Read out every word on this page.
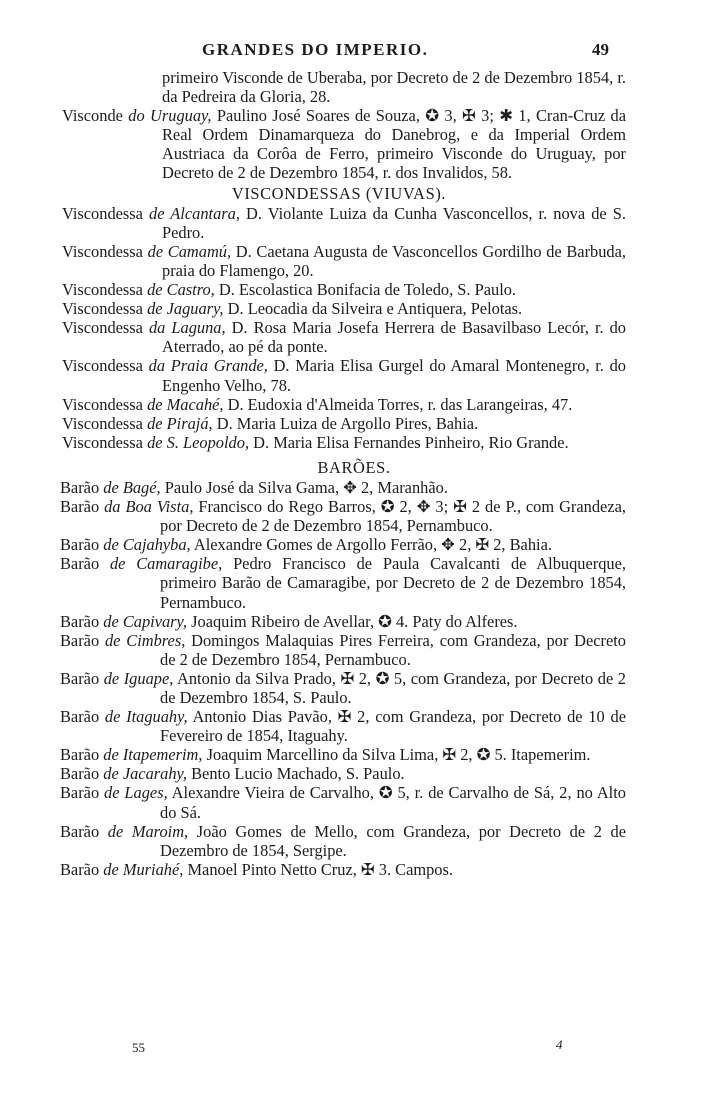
GRANDES DO IMPERIO.	49
primeiro Visconde de Uberaba, por Decreto de 2 de Dezembro 1854, r. da Pedreira da Gloria, 28.
Visconde do Uruguay, Paulino José Soares de Souza, ✪ 3, ✠ 3; ✱ 1, Cran-Cruz da Real Ordem Dinamarqueza do Danebrog, e da Imperial Ordem Austriaca da Corôa de Ferro, primeiro Visconde do Uruguay, por Decreto de 2 de Dezembro 1854, r. dos Invalidos, 58.
VISCONDESSAS (VIUVAS).
Viscondessa de Alcantara, D. Violante Luiza da Cunha Vasconcellos, r. nova de S. Pedro.
Viscondessa de Camamú, D. Caetana Augusta de Vasconcellos Gordilho de Barbuda, praia do Flamengo, 20.
Viscondessa de Castro, D. Escolastica Bonifacia de Toledo, S. Paulo.
Viscondessa de Jaguary, D. Leocadia da Silveira e Antiquera, Pelotas.
Viscondessa da Laguna, D. Rosa Maria Josefa Herrera de Basavilbaso Lecór, r. do Aterrado, ao pé da ponte.
Viscondessa da Praia Grande, D. Maria Elisa Gurgel do Amaral Montenegro, r. do Engenho Velho, 78.
Viscondessa de Macahé, D. Eudoxia d'Almeida Torres, r. das Larangeiras, 47.
Viscondessa de Pirajá, D. Maria Luiza de Argollo Pires, Bahia.
Viscondessa de S. Leopoldo, D. Maria Elisa Fernandes Pinheiro, Rio Grande.
BARÕES.
Barão de Bagé, Paulo José da Silva Gama, ✥ 2, Maranhão.
Barão da Boa Vista, Francisco do Rego Barros, ✪ 2, ✥ 3; ✠ 2 de P., com Grandeza, por Decreto de 2 de Dezembro 1854, Pernambuco.
Barão de Cajahyba, Alexandre Gomes de Argollo Ferrão, ✥ 2, ✠ 2, Bahia.
Barão de Camaragibe, Pedro Francisco de Paula Cavalcanti de Albuquerque, primeiro Barão de Camaragibe, por Decreto de 2 de Dezembro 1854, Pernambuco.
Barão de Capivary, Joaquim Ribeiro de Avellar, ✪ 4. Paty do Alferes.
Barão de Cimbres, Domingos Malaquias Pires Ferreira, com Grandeza, por Decreto de 2 de Dezembro 1854, Pernambuco.
Barão de Iguape, Antonio da Silva Prado, ✠ 2, ✪ 5, com Grandeza, por Decreto de 2 de Dezembro 1854, S. Paulo.
Barão de Itaguahy, Antonio Dias Pavão, ✠ 2, com Grandeza, por Decreto de 10 de Fevereiro de 1854, Itaguahy.
Barão de Itapemerim, Joaquim Marcellino da Silva Lima, ✠ 2, ✪ 5. Itapemerim.
Barão de Jacarahy, Bento Lucio Machado, S. Paulo.
Barão de Lages, Alexandre Vieira de Carvalho, ✪ 5, r. de Carvalho de Sá, 2, no Alto do Sá.
Barão de Maroim, João Gomes de Mello, com Grandeza, por Decreto de 2 de Dezembro de 1854, Sergipe.
Barão de Muriahé, Manoel Pinto Netto Cruz, ✠ 3. Campos.
55	4
